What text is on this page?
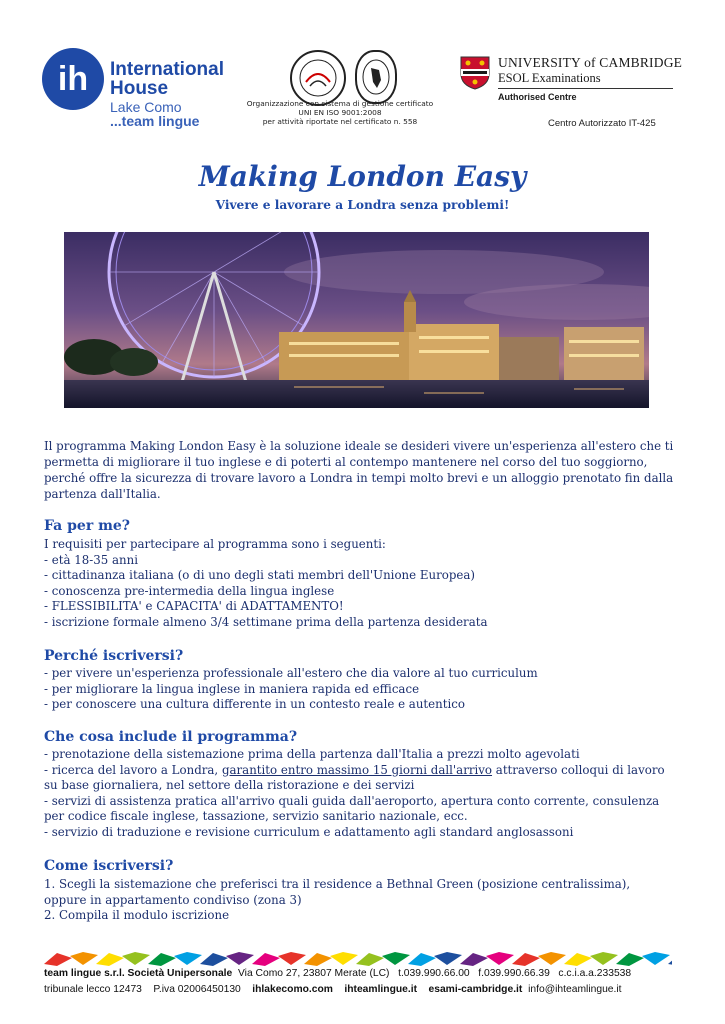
ih International
House
Lake Como
...team lingue
Organizzazione con sistema di gestione certificato
UNI EN ISO 9001:2008
per attività riportate nel certificato n. 558
UNIVERSITY of CAMBRIDGE
ESOL Examinations
Authorised Centre
Centro Autorizzato IT-425
Making London Easy
Vivere e lavorare a Londra senza problemi!
Il programma Making London Easy è la soluzione ideale se desideri vivere un'esperienza all'estero che ti permetta di migliorare il tuo inglese e di poterti al contempo mantenere nel corso del tuo soggiorno, perché offre la sicurezza di trovare lavoro a Londra in tempi molto brevi e un alloggio prenotato fin dalla partenza dall'Italia.
Fa per me?
I requisiti per partecipare al programma sono i seguenti:
- età 18-35 anni
- cittadinanza italiana (o di uno degli stati membri dell'Unione Europea)
- conoscenza pre-intermedia della lingua inglese
- FLESSIBILITA' e CAPACITA' di ADATTAMENTO!
- iscrizione formale almeno 3/4 settimane prima della partenza desiderata
Perché iscriversi?
- per vivere un'esperienza professionale all'estero che dia valore al tuo curriculum
- per migliorare la lingua inglese in maniera rapida ed efficace
- per conoscere una cultura differente in un contesto reale e autentico
Che cosa include il programma?
- prenotazione della sistemazione prima della partenza dall'Italia a prezzi molto agevolati
- ricerca del lavoro a Londra, garantito entro massimo 15 giorni dall'arrivo attraverso colloqui di lavoro su base giornaliera, nel settore della ristorazione e dei servizi
- servizi di assistenza pratica all'arrivo quali guida dall'aeroporto, apertura conto corrente, consulenza per codice fiscale inglese, tassazione, servizio sanitario nazionale, ecc.
- servizio di traduzione e revisione curriculum e adattamento agli standard anglosassoni
Come iscriversi?
1. Scegli la sistemazione che preferisci tra il residence a Bethnal Green (posizione centralissima), oppure in appartamento condiviso (zona 3)
2. Compila il modulo iscrizione
team lingue s.r.l. Società Unipersonale Via Como 27, 23807 Merate (LC) t.039.990.66.00 f.039.990.66.39 c.c.i.a.a.233538
tribunale lecco 12473 P.iva 02006450130 ihlakecomo.com ihteamlingue.it esami-cambridge.it info@ihteamlingue.it
